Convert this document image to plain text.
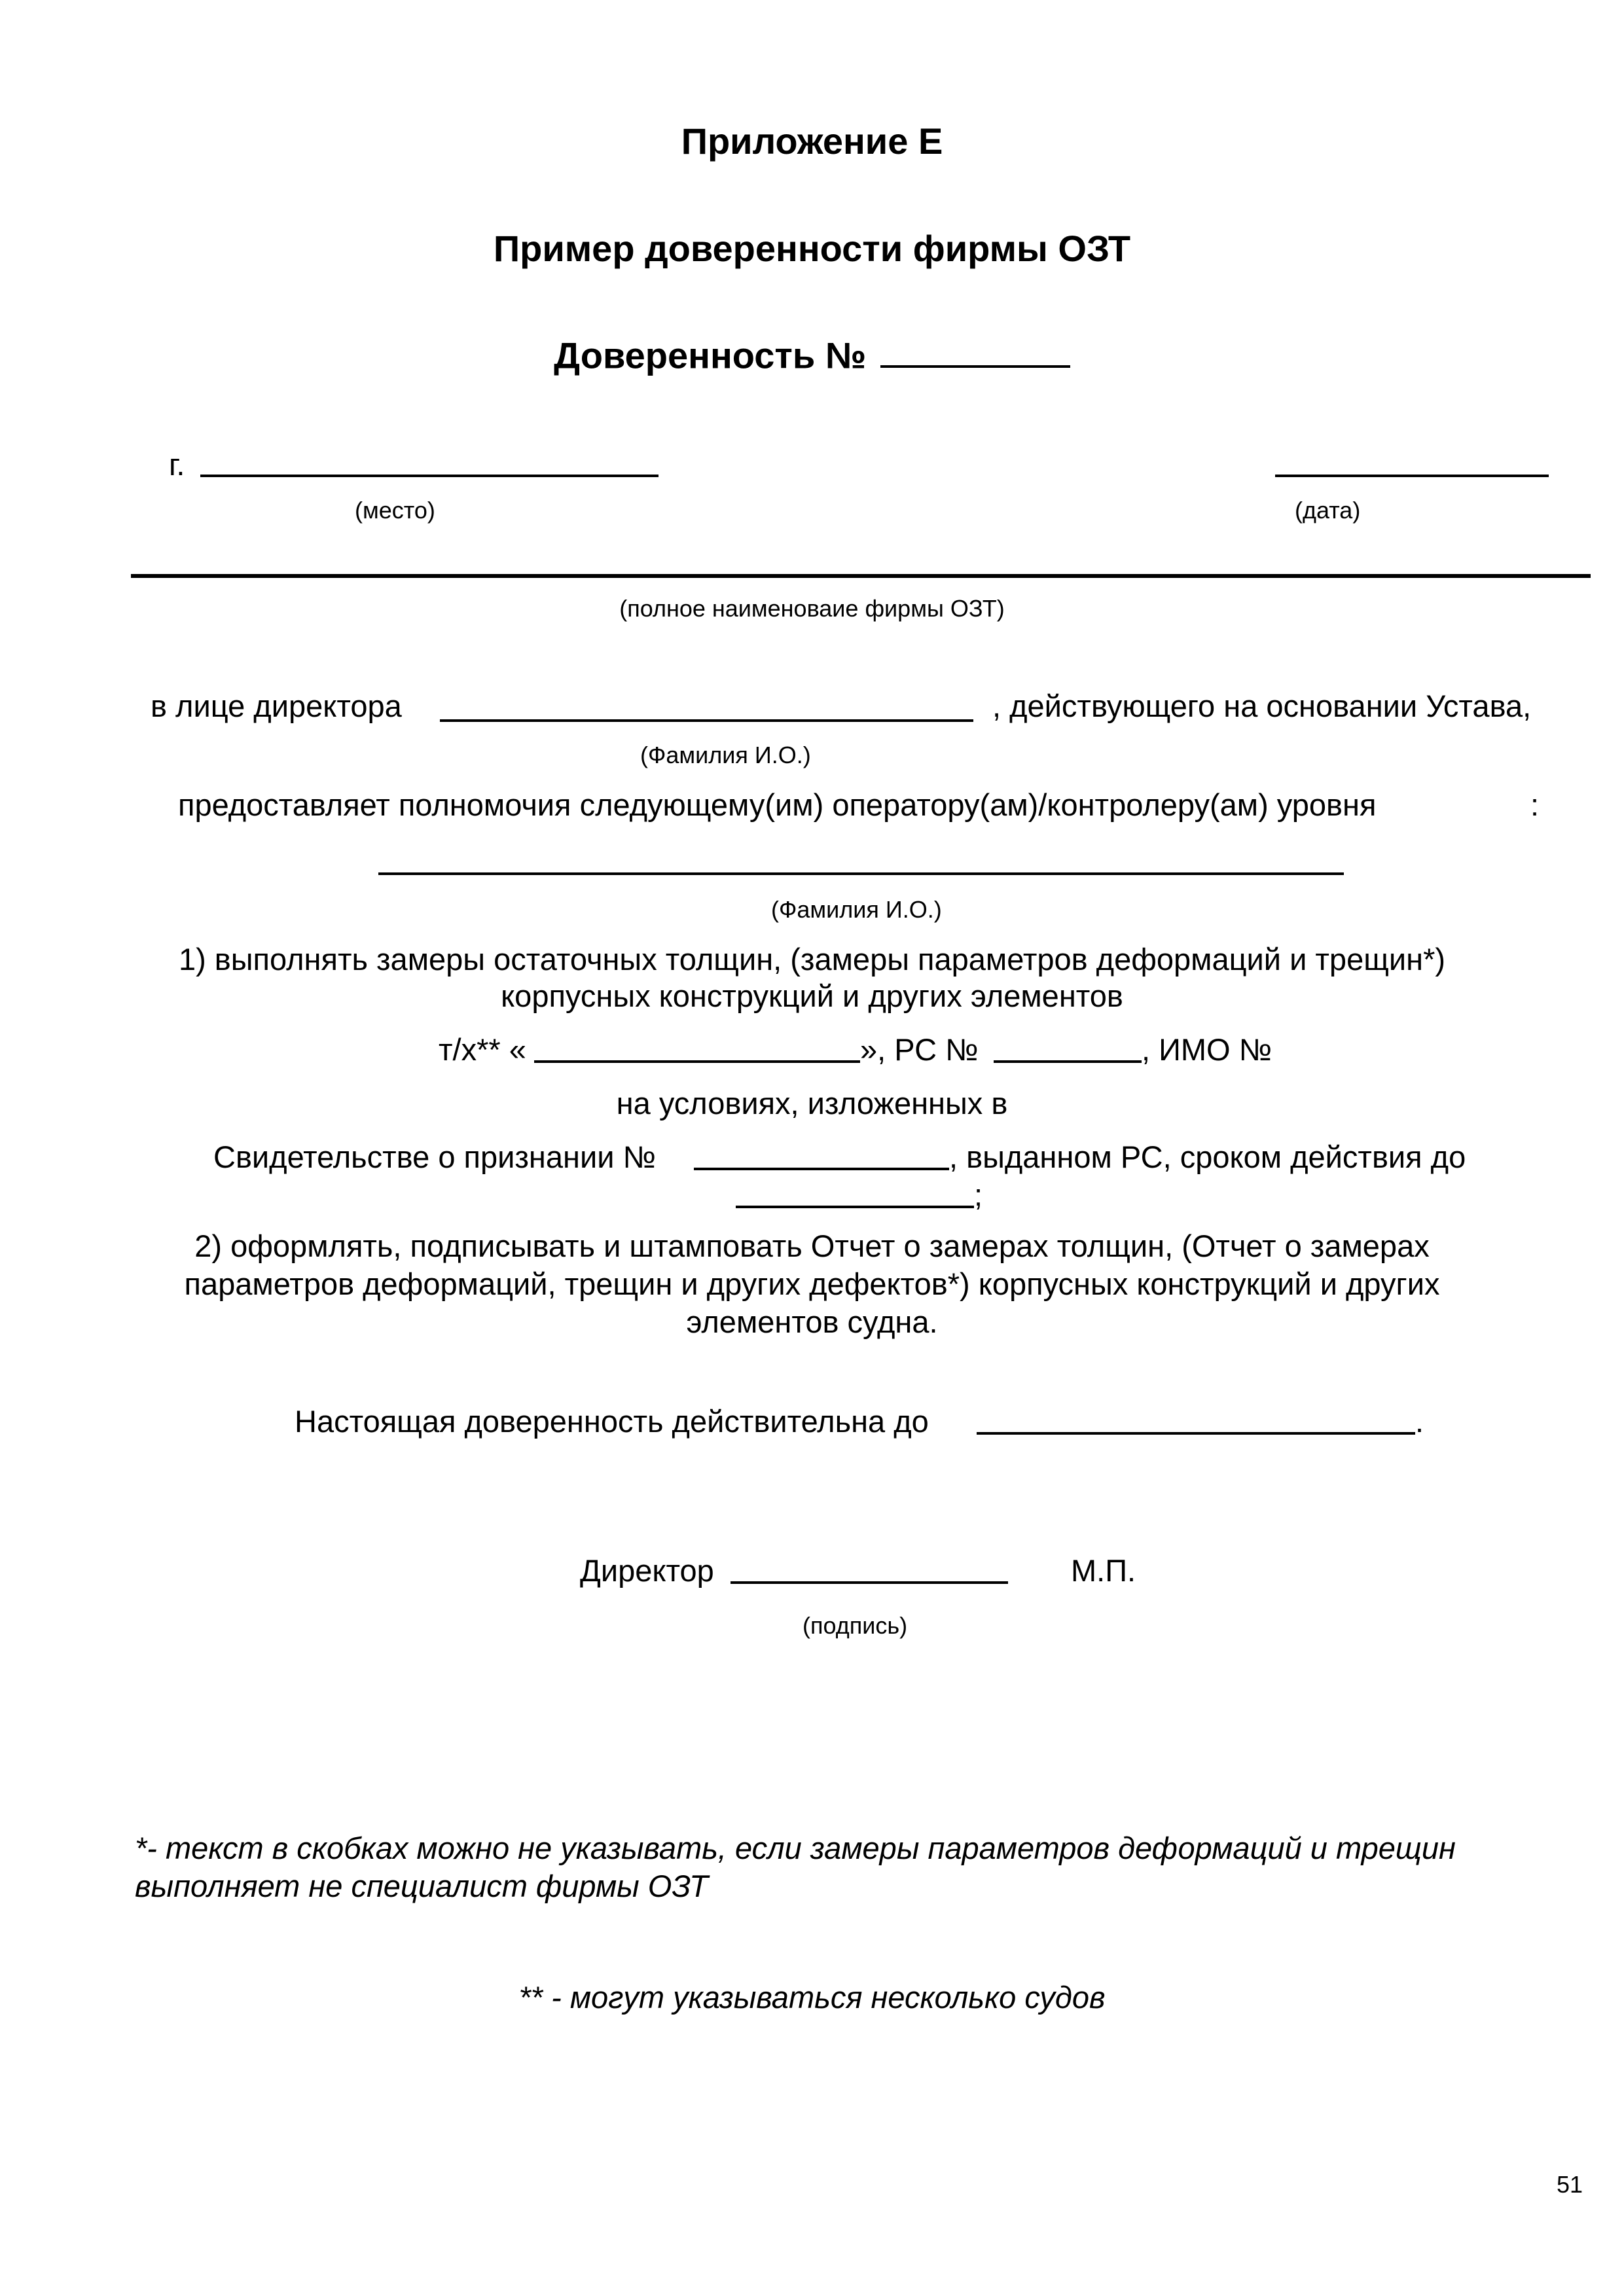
Приложение Е
Пример доверенности фирмы ОЗТ
Доверенность №
г.
(место)	(дата)
(полное наименоваие фирмы ОЗТ)
в лице директора	, действующего на основании Устава,
(Фамилия И.О.)
предоставляет полномочия следующему(им) оператору(ам)/контролеру(ам) уровня	:
(Фамилия И.О.)
1) выполнять замеры остаточных толщин, (замеры параметров деформаций и трещин*)
корпусных конструкций и других элементов
т/х** «	», РС №	, ИМО №
на условиях, изложенных в
Свидетельстве о признании №	, выданном РС, сроком действия до
;
2) оформлять, подписывать и штамповать Отчет о замерах толщин, (Отчет о замерах
параметров деформаций, трещин и других дефектов*) корпусных конструкций и других
элементов судна.
Настоящая доверенность действительна до	.
Директор	М.П.
(подпись)
*- текст в скобках можно не указывать, если замеры параметров деформаций и трещин
выполняет не специалист фирмы ОЗТ
** - могут указываться несколько судов
51
